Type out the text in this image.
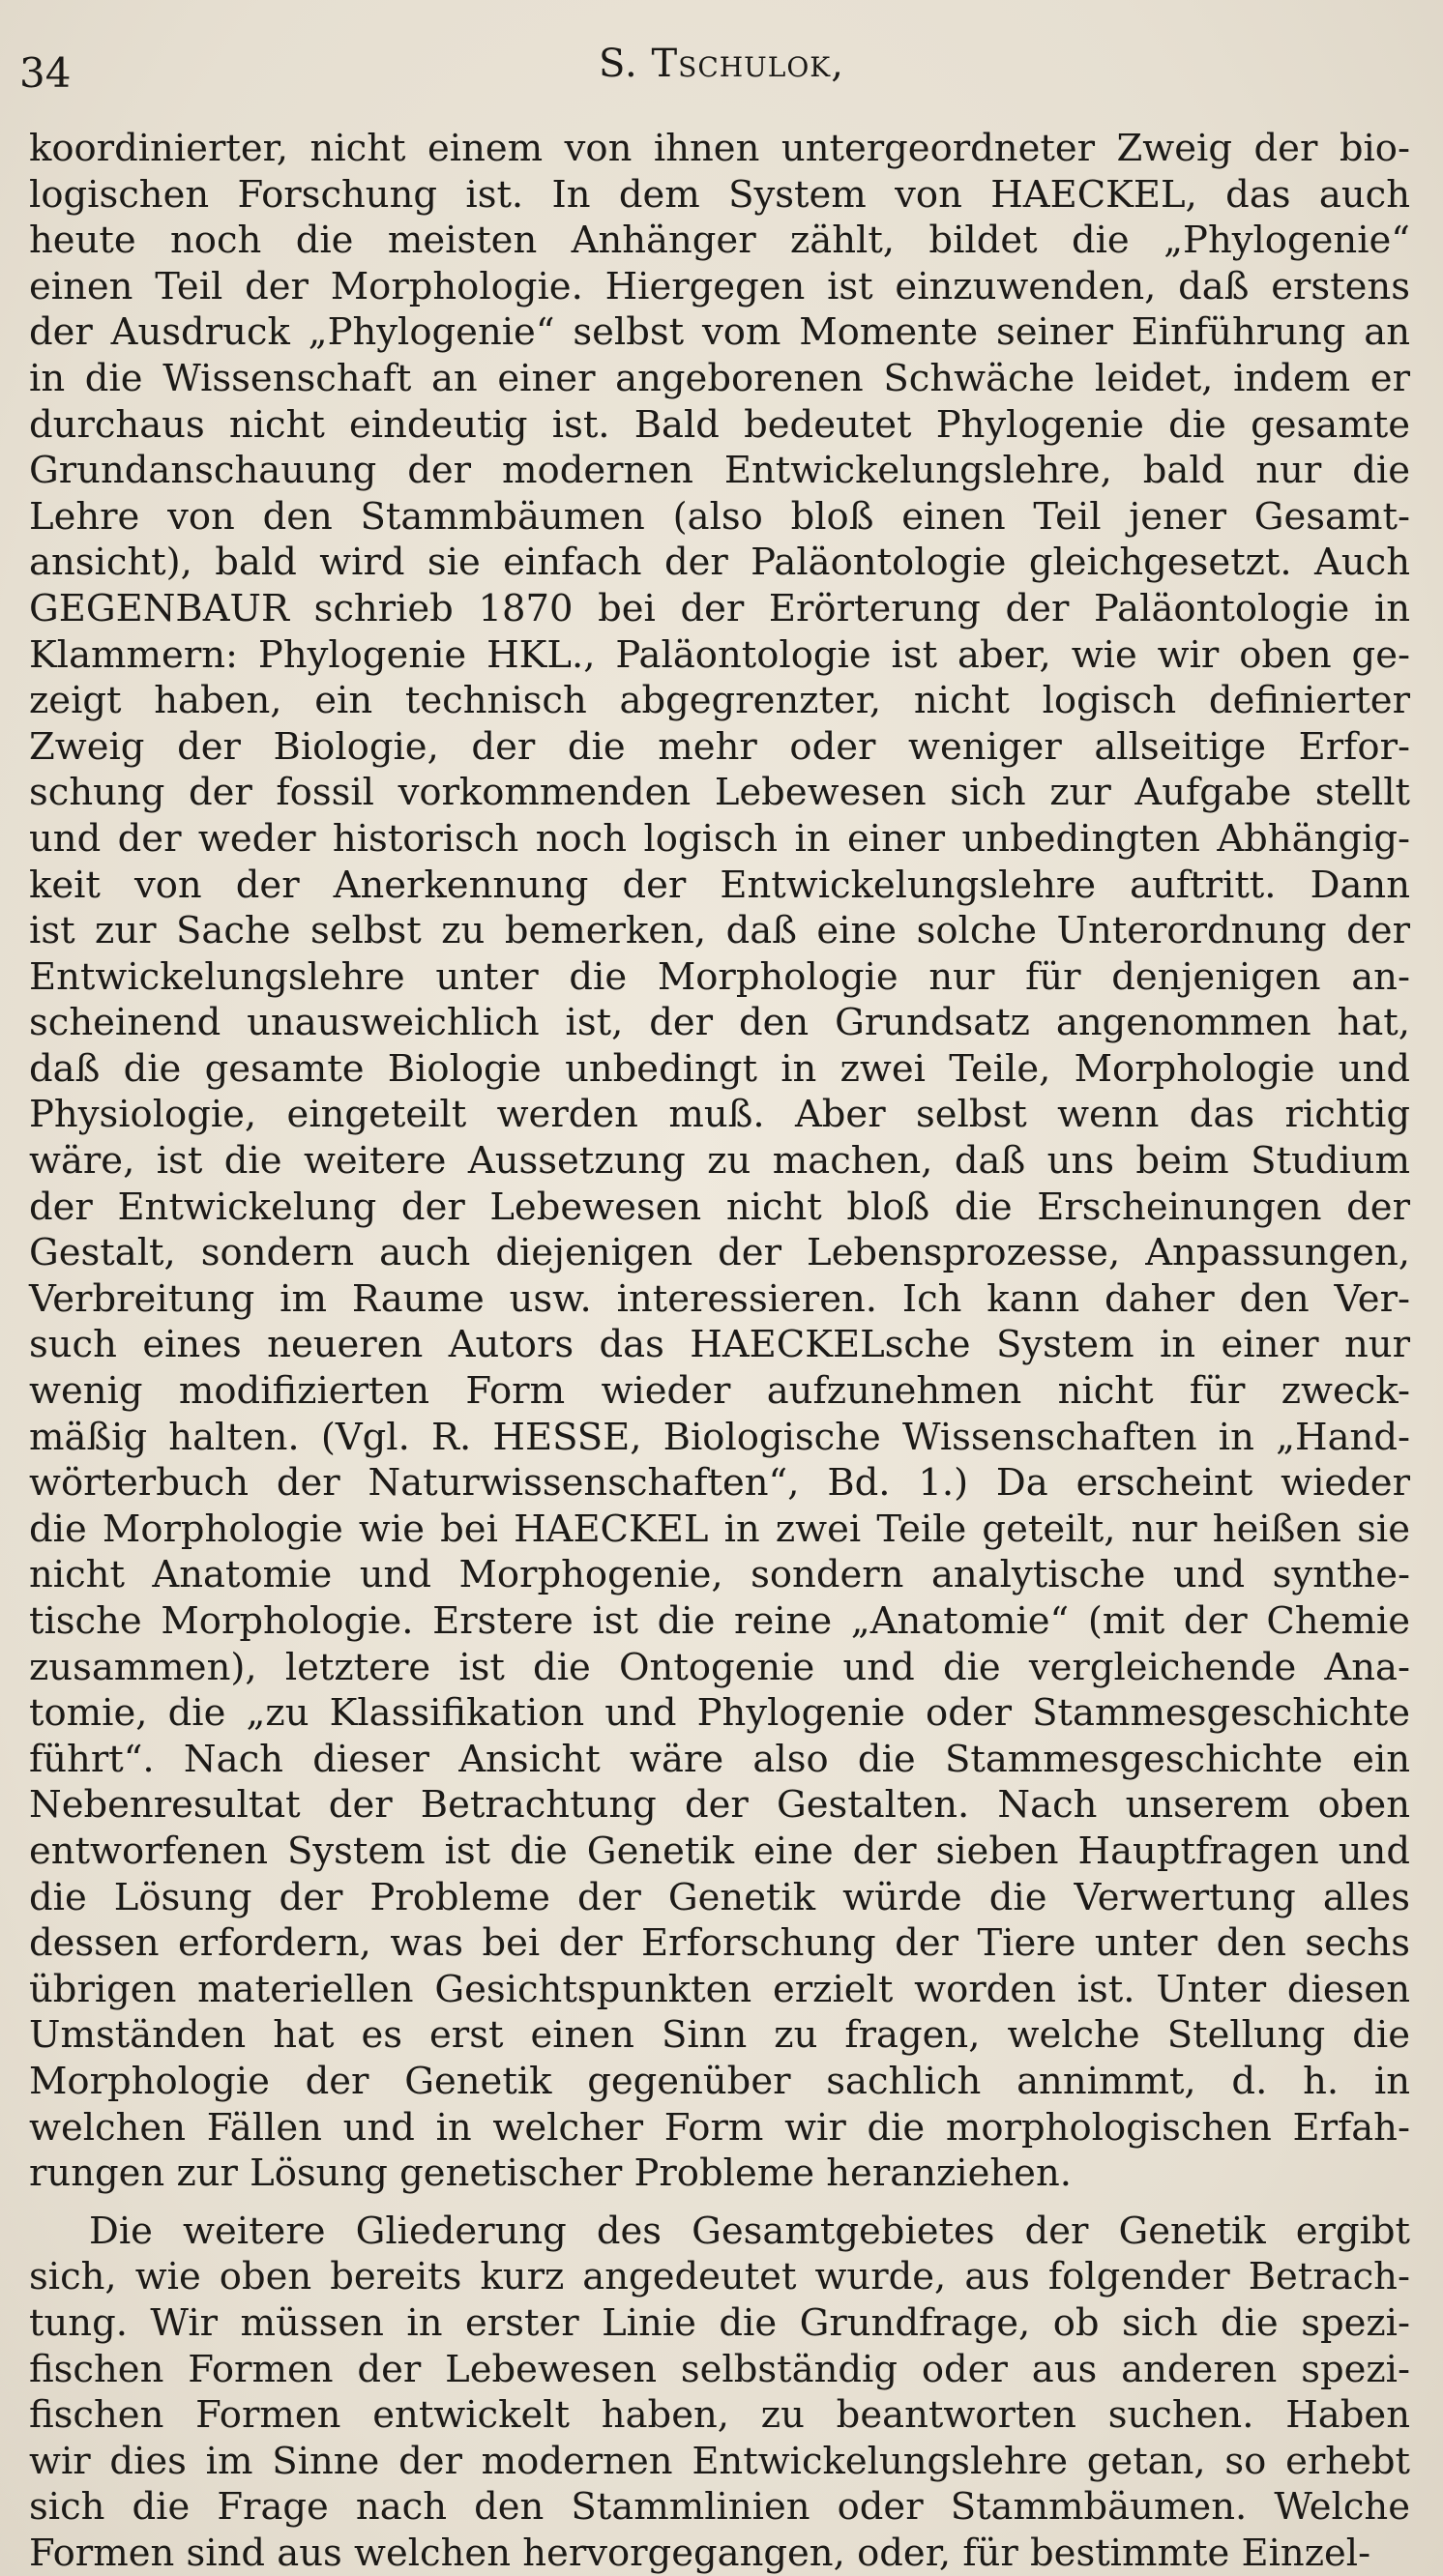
34	S. Tschulok,
koordinierter, nicht einem von ihnen untergeordneter Zweig der bio-
logischen Forschung ist. In dem System von HAECKEL, das auch
heute noch die meisten Anhänger zählt, bildet die „Phylogenie“
einen Teil der Morphologie. Hiergegen ist einzuwenden, daß erstens
der Ausdruck „Phylogenie“ selbst vom Momente seiner Einführung an
in die Wissenschaft an einer angeborenen Schwäche leidet, indem er
durchaus nicht eindeutig ist. Bald bedeutet Phylogenie die gesamte
Grundanschauung der modernen Entwickelungslehre, bald nur die
Lehre von den Stammbäumen (also bloß einen Teil jener Gesamt-
ansicht), bald wird sie einfach der Paläontologie gleichgesetzt. Auch
GEGENBAUR schrieb 1870 bei der Erörterung der Paläontologie in
Klammern: Phylogenie HKL., Paläontologie ist aber, wie wir oben ge-
zeigt haben, ein technisch abgegrenzter, nicht logisch definierter
Zweig der Biologie, der die mehr oder weniger allseitige Erfor-
schung der fossil vorkommenden Lebewesen sich zur Aufgabe stellt
und der weder historisch noch logisch in einer unbedingten Abhängig-
keit von der Anerkennung der Entwickelungslehre auftritt. Dann
ist zur Sache selbst zu bemerken, daß eine solche Unterordnung der
Entwickelungslehre unter die Morphologie nur für denjenigen an-
scheinend unausweichlich ist, der den Grundsatz angenommen hat,
daß die gesamte Biologie unbedingt in zwei Teile, Morphologie und
Physiologie, eingeteilt werden muß. Aber selbst wenn das richtig
wäre, ist die weitere Aussetzung zu machen, daß uns beim Studium
der Entwickelung der Lebewesen nicht bloß die Erscheinungen der
Gestalt, sondern auch diejenigen der Lebensprozesse, Anpassungen,
Verbreitung im Raume usw. interessieren. Ich kann daher den Ver-
such eines neueren Autors das HAECKELsche System in einer nur
wenig modifizierten Form wieder aufzunehmen nicht für zweck-
mäßig halten. (Vgl. R. HESSE, Biologische Wissenschaften in „Hand-
wörterbuch der Naturwissenschaften“, Bd. 1.) Da erscheint wieder
die Morphologie wie bei HAECKEL in zwei Teile geteilt, nur heißen sie
nicht Anatomie und Morphogenie, sondern analytische und synthe-
tische Morphologie. Erstere ist die reine „Anatomie“ (mit der Chemie
zusammen), letztere ist die Ontogenie und die vergleichende Ana-
tomie, die „zu Klassifikation und Phylogenie oder Stammesgeschichte
führt“. Nach dieser Ansicht wäre also die Stammesgeschichte ein
Nebenresultat der Betrachtung der Gestalten. Nach unserem oben
entworfenen System ist die Genetik eine der sieben Hauptfragen und
die Lösung der Probleme der Genetik würde die Verwertung alles
dessen erfordern, was bei der Erforschung der Tiere unter den sechs
übrigen materiellen Gesichtspunkten erzielt worden ist. Unter diesen
Umständen hat es erst einen Sinn zu fragen, welche Stellung die
Morphologie der Genetik gegenüber sachlich annimmt, d. h. in
welchen Fällen und in welcher Form wir die morphologischen Erfah-
rungen zur Lösung genetischer Probleme heranziehen.
Die weitere Gliederung des Gesamtgebietes der Genetik ergibt
sich, wie oben bereits kurz angedeutet wurde, aus folgender Betrach-
tung. Wir müssen in erster Linie die Grundfrage, ob sich die spezi-
fischen Formen der Lebewesen selbständig oder aus anderen spezi-
fischen Formen entwickelt haben, zu beantworten suchen. Haben
wir dies im Sinne der modernen Entwickelungslehre getan, so erhebt
sich die Frage nach den Stammlinien oder Stammbäumen. Welche
Formen sind aus welchen hervorgegangen, oder, für bestimmte Einzel-
